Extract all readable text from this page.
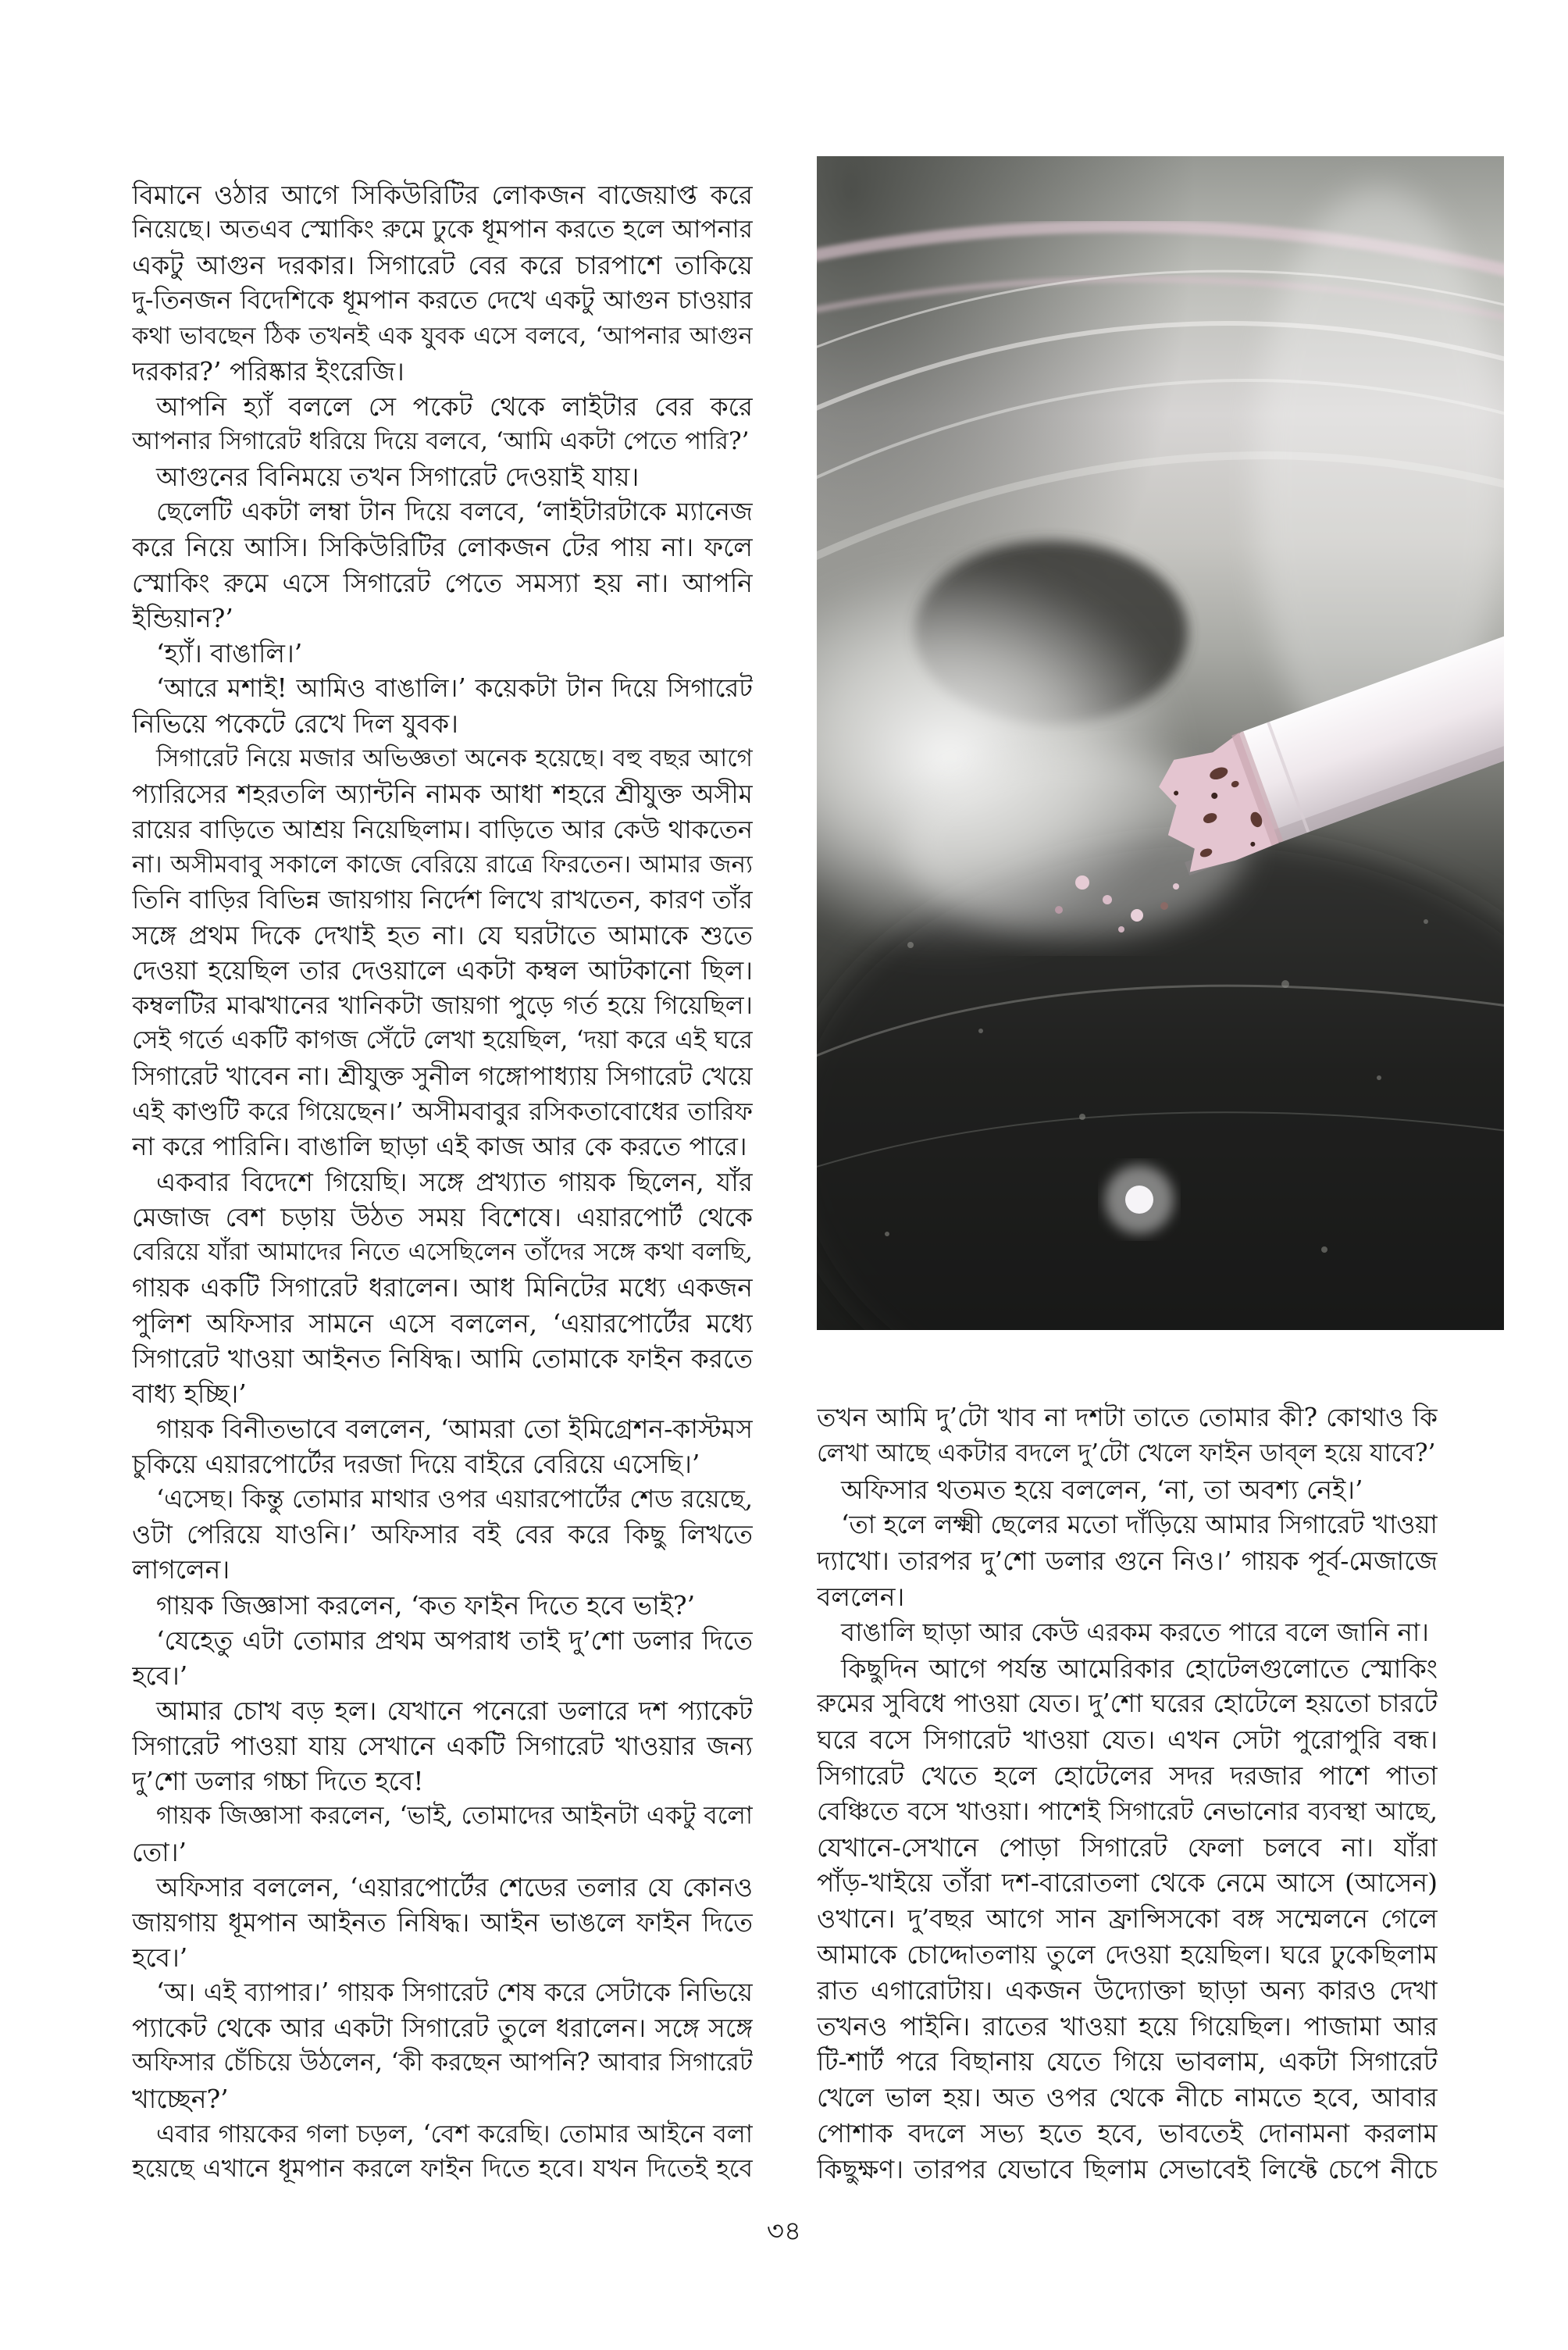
বিমানে ওঠার আগে সিকিউরিটির লোকজন বাজেয়াপ্ত করে
নিয়েছে। অতএব স্মোকিং রুমে ঢুকে ধূমপান করতে হলে আপনার
একটু আগুন দরকার। সিগারেট বের করে চারপাশে তাকিয়ে
দু-তিনজন বিদেশিকে ধূমপান করতে দেখে একটু আগুন চাওয়ার
কথা ভাবছেন ঠিক তখনই এক যুবক এসে বলবে, ‘আপনার আগুন
দরকার?’ পরিষ্কার ইংরেজি।
আপনি হ্যাঁ বললে সে পকেট থেকে লাইটার বের করে
আপনার সিগারেট ধরিয়ে দিয়ে বলবে, ‘আমি একটা পেতে পারি?’
আগুনের বিনিময়ে তখন সিগারেট দেওয়াই যায়।
ছেলেটি একটা লম্বা টান দিয়ে বলবে, ‘লাইটারটাকে ম্যানেজ
করে নিয়ে আসি। সিকিউরিটির লোকজন টের পায় না। ফলে
স্মোকিং রুমে এসে সিগারেট পেতে সমস্যা হয় না। আপনি
ইন্ডিয়ান?’
‘হ্যাঁ। বাঙালি।’
‘আরে মশাই! আমিও বাঙালি।’ কয়েকটা টান দিয়ে সিগারেট
নিভিয়ে পকেটে রেখে দিল যুবক।
সিগারেট নিয়ে মজার অভিজ্ঞতা অনেক হয়েছে। বহু বছর আগে
প্যারিসের শহরতলি অ্যান্টনি নামক আধা শহরে শ্রীযুক্ত অসীম
রায়ের বাড়িতে আশ্রয় নিয়েছিলাম। বাড়িতে আর কেউ থাকতেন
না। অসীমবাবু সকালে কাজে বেরিয়ে রাত্রে ফিরতেন। আমার জন্য
তিনি বাড়ির বিভিন্ন জায়গায় নির্দেশ লিখে রাখতেন, কারণ তাঁর
সঙ্গে প্রথম দিকে দেখাই হত না। যে ঘরটাতে আমাকে শুতে
দেওয়া হয়েছিল তার দেওয়ালে একটা কম্বল আটকানো ছিল।
কম্বলটির মাঝখানের খানিকটা জায়গা পুড়ে গর্ত হয়ে গিয়েছিল।
সেই গর্তে একটি কাগজ সেঁটে লেখা হয়েছিল, ‘দয়া করে এই ঘরে
সিগারেট খাবেন না। শ্রীযুক্ত সুনীল গঙ্গোপাধ্যায় সিগারেট খেয়ে
এই কাণ্ডটি করে গিয়েছেন।’ অসীমবাবুর রসিকতাবোধের তারিফ
না করে পারিনি। বাঙালি ছাড়া এই কাজ আর কে করতে পারে।
একবার বিদেশে গিয়েছি। সঙ্গে প্রখ্যাত গায়ক ছিলেন, যাঁর
মেজাজ বেশ চড়ায় উঠত সময় বিশেষে। এয়ারপোর্ট থেকে
বেরিয়ে যাঁরা আমাদের নিতে এসেছিলেন তাঁদের সঙ্গে কথা বলছি,
গায়ক একটি সিগারেট ধরালেন। আধ মিনিটের মধ্যে একজন
পুলিশ অফিসার সামনে এসে বললেন, ‘এয়ারপোর্টের মধ্যে
সিগারেট খাওয়া আইনত নিষিদ্ধ। আমি তোমাকে ফাইন করতে
বাধ্য হচ্ছি।’
গায়ক বিনীতভাবে বললেন, ‘আমরা তো ইমিগ্রেশন-কাস্টমস
চুকিয়ে এয়ারপোর্টের দরজা দিয়ে বাইরে বেরিয়ে এসেছি।’
‘এসেছ। কিন্তু তোমার মাথার ওপর এয়ারপোর্টের শেড রয়েছে,
ওটা পেরিয়ে যাওনি।’ অফিসার বই বের করে কিছু লিখতে
লাগলেন।
গায়ক জিজ্ঞাসা করলেন, ‘কত ফাইন দিতে হবে ভাই?’
‘যেহেতু এটা তোমার প্রথম অপরাধ তাই দু’শো ডলার দিতে
হবে।’
আমার চোখ বড় হল। যেখানে পনেরো ডলারে দশ প্যাকেট
সিগারেট পাওয়া যায় সেখানে একটি সিগারেট খাওয়ার জন্য
দু’শো ডলার গচ্চা দিতে হবে!
গায়ক জিজ্ঞাসা করলেন, ‘ভাই, তোমাদের আইনটা একটু বলো
তো।’
অফিসার বললেন, ‘এয়ারপোর্টের শেডের তলার যে কোনও
জায়গায় ধূমপান আইনত নিষিদ্ধ। আইন ভাঙলে ফাইন দিতে
হবে।’
‘অ। এই ব্যাপার।’ গায়ক সিগারেট শেষ করে সেটাকে নিভিয়ে
প্যাকেট থেকে আর একটা সিগারেট তুলে ধরালেন। সঙ্গে সঙ্গে
অফিসার চেঁচিয়ে উঠলেন, ‘কী করছেন আপনি? আবার সিগারেট
খাচ্ছেন?’
এবার গায়কের গলা চড়ল, ‘বেশ করেছি। তোমার আইনে বলা
হয়েছে এখানে ধূমপান করলে ফাইন দিতে হবে। যখন দিতেই হবে
তখন আমি দু’টো খাব না দশটা তাতে তোমার কী? কোথাও কি
লেখা আছে একটার বদলে দু’টো খেলে ফাইন ডাব্‌ল হয়ে যাবে?’
অফিসার থতমত হয়ে বললেন, ‘না, তা অবশ্য নেই।’
‘তা হলে লক্ষ্মী ছেলের মতো দাঁড়িয়ে আমার সিগারেট খাওয়া
দ্যাখো। তারপর দু’শো ডলার গুনে নিও।’ গায়ক পূর্ব-মেজাজে
বললেন।
বাঙালি ছাড়া আর কেউ এরকম করতে পারে বলে জানি না।
কিছুদিন আগে পর্যন্ত আমেরিকার হোটেলগুলোতে স্মোকিং
রুমের সুবিধে পাওয়া যেত। দু’শো ঘরের হোটেলে হয়তো চারটে
ঘরে বসে সিগারেট খাওয়া যেত। এখন সেটা পুরোপুরি বন্ধ।
সিগারেট খেতে হলে হোটেলের সদর দরজার পাশে পাতা
বেঞ্চিতে বসে খাওয়া। পাশেই সিগারেট নেভানোর ব্যবস্থা আছে,
যেখানে-সেখানে পোড়া সিগারেট ফেলা চলবে না। যাঁরা
পাঁড়-খাইয়ে তাঁরা দশ-বারোতলা থেকে নেমে আসে (আসেন)
ওখানে। দু’বছর আগে সান ফ্রান্সিসকো বঙ্গ সম্মেলনে গেলে
আমাকে চোদ্দোতলায় তুলে দেওয়া হয়েছিল। ঘরে ঢুকেছিলাম
রাত এগারোটায়। একজন উদ্যোক্তা ছাড়া অন্য কারও দেখা
তখনও পাইনি। রাতের খাওয়া হয়ে গিয়েছিল। পাজামা আর
টি-শার্ট পরে বিছানায় যেতে গিয়ে ভাবলাম, একটা সিগারেট
খেলে ভাল হয়। অত ওপর থেকে নীচে নামতে হবে, আবার
পোশাক বদলে সভ্য হতে হবে, ভাবতেই দোনামনা করলাম
কিছুক্ষণ। তারপর যেভাবে ছিলাম সেভাবেই লিফ্টে চেপে নীচে
৩৪
